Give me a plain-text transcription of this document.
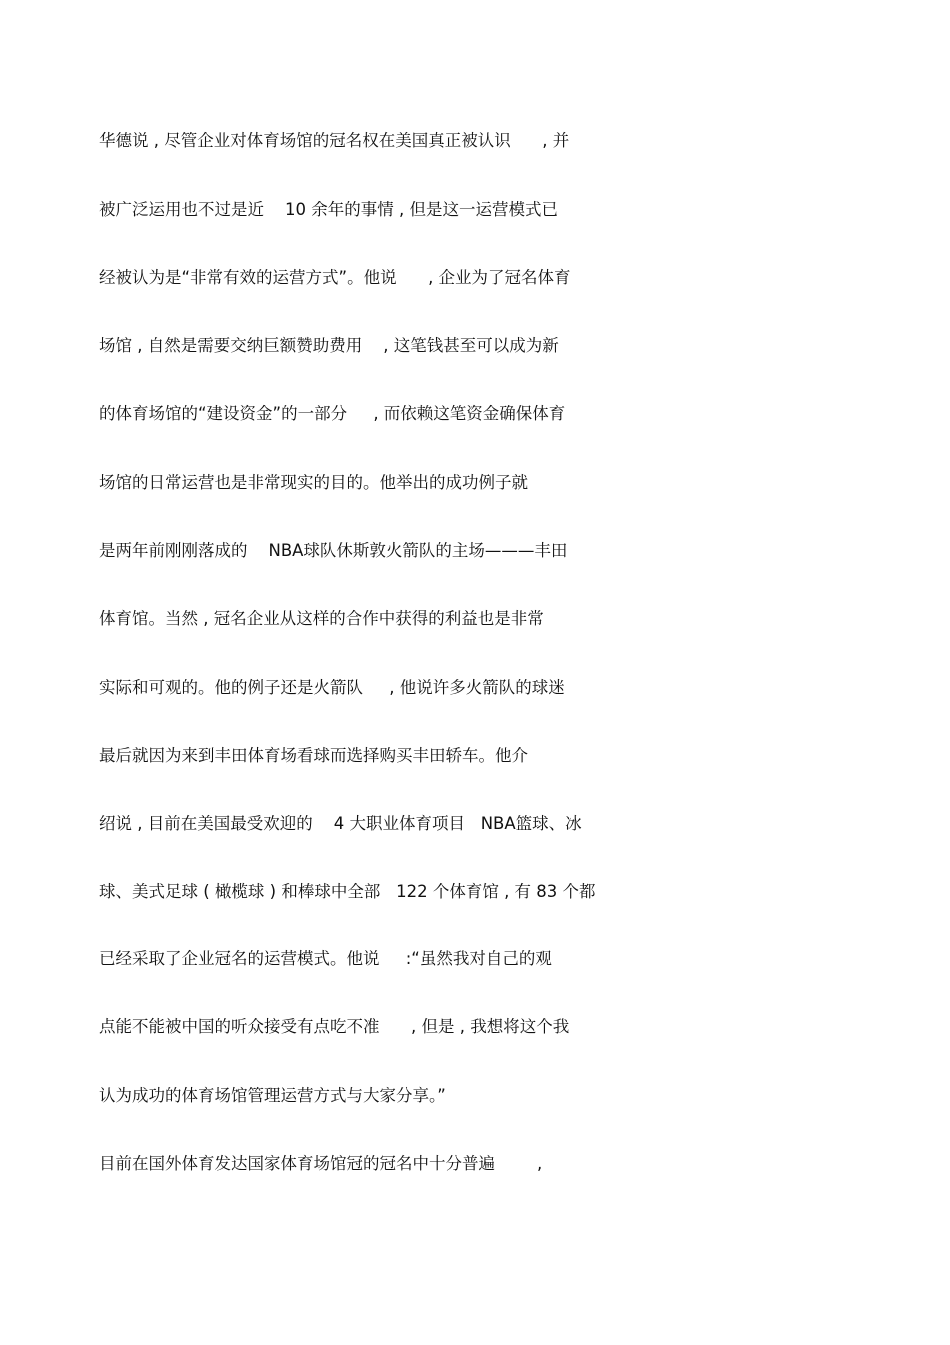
华德说 , 尽管企业对体育场馆的冠名权在美国真正被认识      , 并

被广泛运用也不过是近    10 余年的事情 , 但是这一运营模式已

经被认为是“非常有效的运营方式”。他说      , 企业为了冠名体育

场馆 , 自然是需要交纳巨额赞助费用    , 这笔钱甚至可以成为新

的体育场馆的“建设资金”的一部分     , 而依赖这笔资金确保体育

场馆的日常运营也是非常现实的目的。他举出的成功例子就

是两年前刚刚落成的    NBA球队休斯敦火箭队的主场———丰田

体育馆。当然 , 冠名企业从这样的合作中获得的利益也是非常

实际和可观的。他的例子还是火箭队     , 他说许多火箭队的球迷

最后就因为来到丰田体育场看球而选择购买丰田轿车。他介

绍说 , 目前在美国最受欢迎的    4 大职业体育项目   NBA篮球、冰

球、美式足球 ( 橄榄球 ) 和棒球中全部   122 个体育馆 , 有 83 个都

已经采取了企业冠名的运营模式。他说     :“虽然我对自己的观

点能不能被中国的听众接受有点吃不准      , 但是 , 我想将这个我

认为成功的体育场馆管理运营方式与大家分享。”

目前在国外体育发达国家体育场馆冠的冠名中十分普遍        ,
